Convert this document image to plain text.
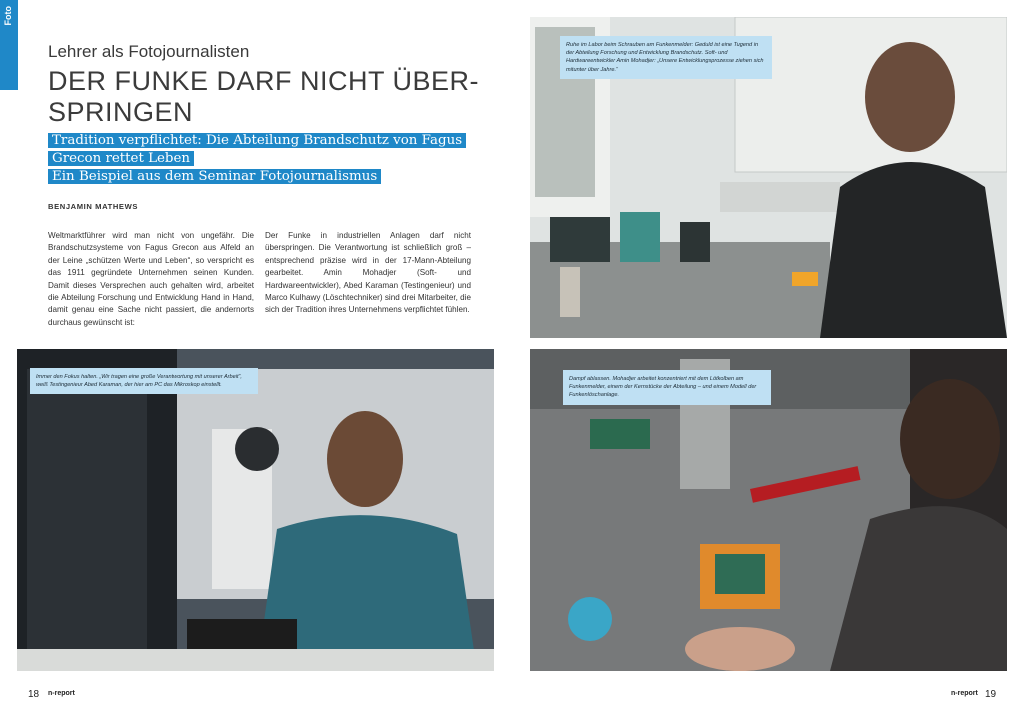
Foto
Lehrer als Fotojournalisten
DER FUNKE DARF NICHT ÜBER-SPRINGEN
Tradition verpflichtet: Die Abteilung Brandschutz von Fagus Grecon rettet Leben
Ein Beispiel aus dem Seminar Fotojournalismus
BENJAMIN MATHEWS
Weltmarktführer wird man nicht von ungefähr. Die Brandschutzsysteme von Fagus Grecon aus Alfeld an der Leine „schützen Werte und Leben“, so verspricht es das 1911 gegründete Unternehmen seinen Kunden. Damit dieses Versprechen auch gehalten wird, arbeitet die Abteilung Forschung und Entwicklung Hand in Hand, damit genau eine Sache nicht passiert, die andernorts durchaus gewünscht ist:
Der Funke in industriellen Anlagen darf nicht überspringen. Die Verantwortung ist schließlich groß – entsprechend präzise wird in der 17-Mann-Abteilung gearbeitet. Amin Mohadjer (Soft- und Hardwareentwickler), Abed Karaman (Testingenieur) und Marco Kulhawy (Löschtechniker) sind drei Mitarbeiter, die sich der Tradition ihres Unternehmens verpflichtet fühlen.
Ruhe im Labor beim Schrauben am Funkenmelder: Geduld ist eine Tugend in der Abteilung Forschung und Entwicklung Brandschutz. Soft- und Hardwareentwickler Amin Mohadjer: „Unsere Entwicklungsprozesse ziehen sich mitunter über Jahre.“
Immer den Fokus halten. „Wir tragen eine große Verantwortung mit unserer Arbeit“, weiß Testingenieur Abed Karaman, der hier am PC das Mikroskop einstellt.
Dampf ablassen. Mohadjer arbeitet konzentriert mit dem Lötkolben am Funkenmelder, einem der Kernstücke der Abteilung – und einem Modell der Funkenlöschanlage.
18 n-report	n-report 19
